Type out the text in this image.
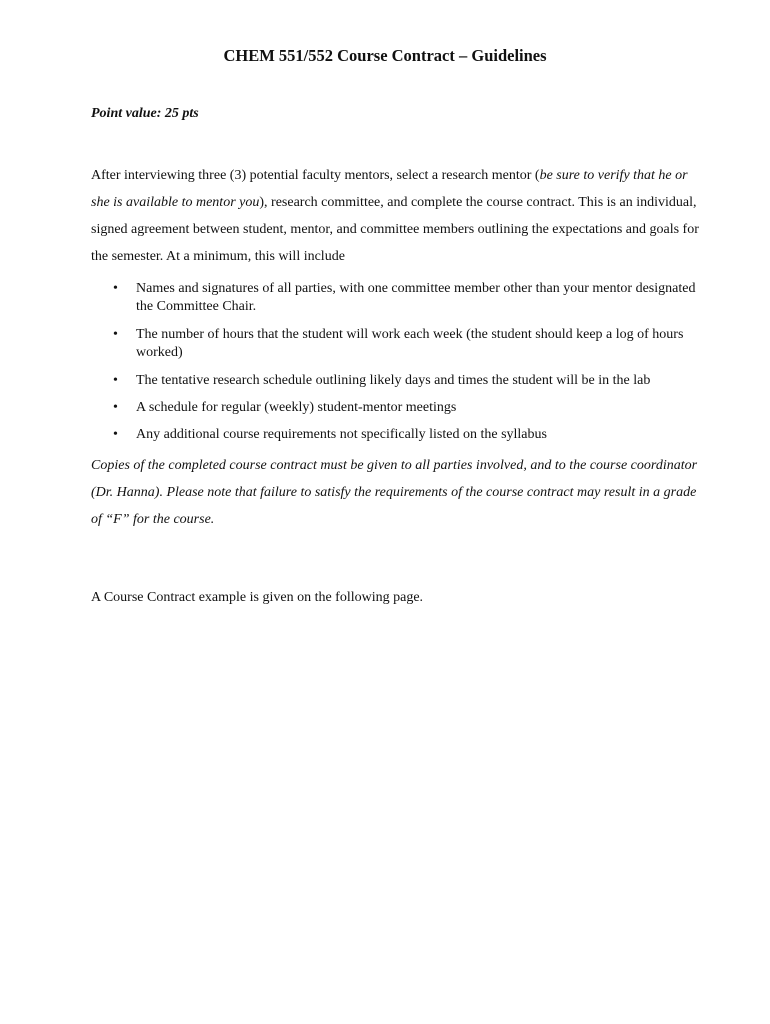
CHEM 551/552 Course Contract – Guidelines

Point value: 25 pts

After interviewing three (3) potential faculty mentors, select a research mentor (be sure to verify that he or she is available to mentor you), research committee, and complete the course contract. This is an individual, signed agreement between student, mentor, and committee members outlining the expectations and goals for the semester. At a minimum, this will include

• Names and signatures of all parties, with one committee member other than your mentor designated the Committee Chair.
• The number of hours that the student will work each week (the student should keep a log of hours worked)
• The tentative research schedule outlining likely days and times the student will be in the lab
• A schedule for regular (weekly) student-mentor meetings
• Any additional course requirements not specifically listed on the syllabus

Copies of the completed course contract must be given to all parties involved, and to the course coordinator (Dr. Hanna). Please note that failure to satisfy the requirements of the course contract may result in a grade of “F” for the course.

A Course Contract example is given on the following page.
